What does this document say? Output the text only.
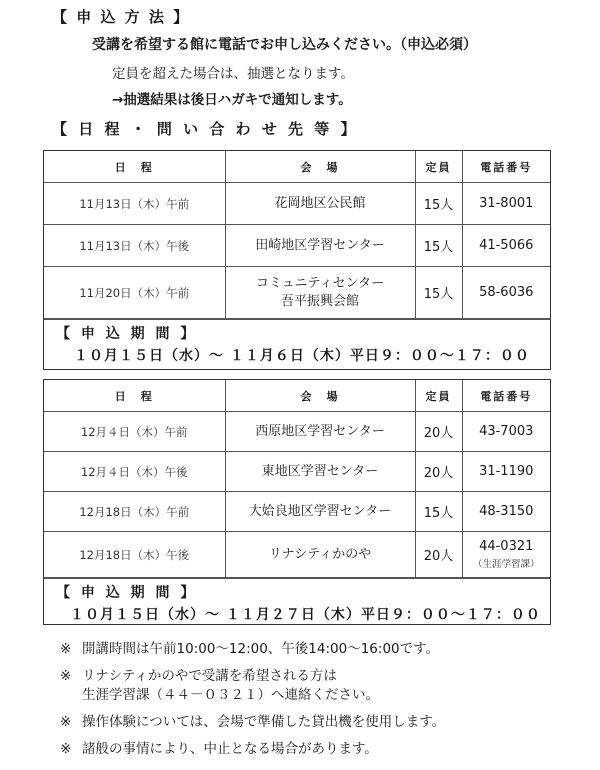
【 申 込 方 法 】
受講を希望する館に電話でお申し込みください。（申込必須）
定員を超えた場合は、抽選となります。
→抽選結果は後日ハガキで通知します。
【 日 程 ・ 問 い 合 わ せ 先 等 】
日　程	会　場	定員	電話番号
11月13日（木）午前	花岡地区公民館	15人	31-8001
11月13日（木）午後	田崎地区学習センター	15人	41-5066
11月20日（木）午前	コミュニティセンター
吾平振興会館	15人	58-6036
【 申 込 期 間 】
１０月１５日（水）～ １１月６日（木）平日９：００～１７：００
日　程	会　場	定員	電話番号
12月４日（木）午前	西原地区学習センター	20人	43-7003
12月４日（木）午後	東地区学習センター	20人	31-1190
12月18日（木）午前	大姶良地区学習センター	15人	48-3150
12月18日（木）午後	リナシティかのや	20人	44-0321
（生涯学習課）
【 申 込 期 間 】
１０月１５日（水）～ １１月２７日（木）平日９：００～１７：００
※ 開講時間は午前10:00～12:00、午後14:00～16:00です。
※ リナシティかのやで受講を希望される方は
生涯学習課（４４－０３２１）へ連絡ください。
※ 操作体験については、会場で準備した貸出機を使用します。
※ 諸般の事情により、中止となる場合があります。
